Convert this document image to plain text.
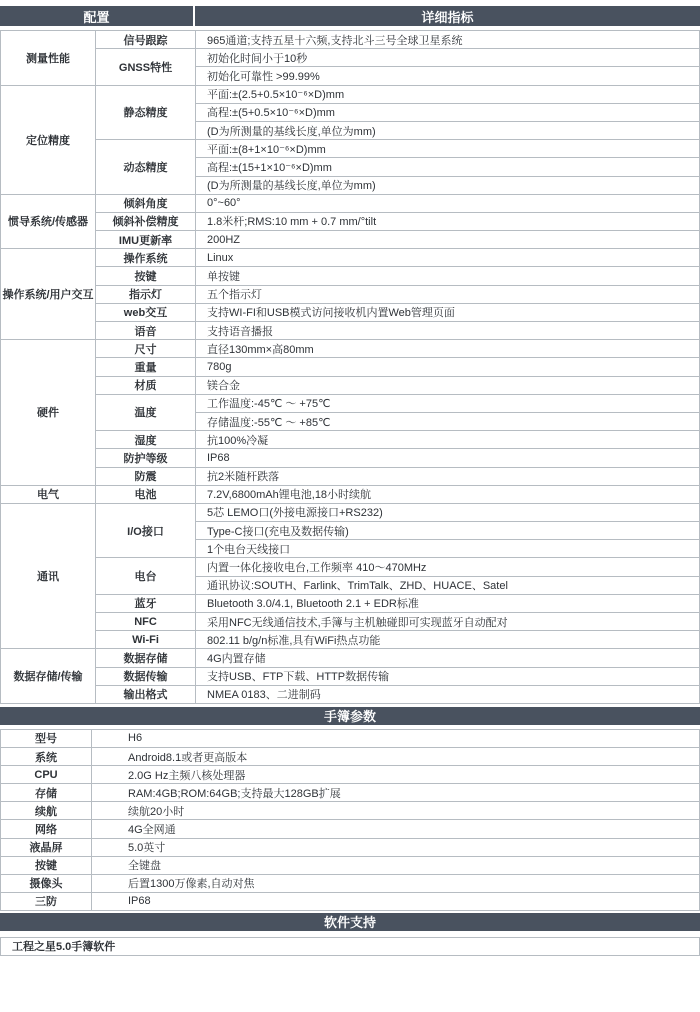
配置	详细指标
测量性能	信号跟踪	965通道;支持五星十六频,支持北斗三号全球卫星系统
	GNSS特性	初始化时间小于10秒
		初始化可靠性 >99.99%
定位精度	静态精度	平面:±(2.5+0.5×10⁻⁶×D)mm
		高程:±(5+0.5×10⁻⁶×D)mm
		(D为所测量的基线长度,单位为mm)
	动态精度	平面:±(8+1×10⁻⁶×D)mm
		高程:±(15+1×10⁻⁶×D)mm
		(D为所测量的基线长度,单位为mm)
惯导系统/传感器	倾斜角度	0°~60°
	倾斜补偿精度	1.8米杆;RMS:10 mm + 0.7 mm/°tilt
	IMU更新率	200HZ
操作系统/用户交互	操作系统	Linux
	按键	单按键
	指示灯	五个指示灯
	web交互	支持WI-FI和USB模式访问接收机内置Web管理页面
	语音	支持语音播报
硬件	尺寸	直径130mm×高80mm
	重量	780g
	材质	镁合金
	温度	工作温度:-45℃ ～ +75℃
		存储温度:-55℃ ～ +85℃
	湿度	抗100%冷凝
	防护等级	IP68
	防震	抗2米随杆跌落
电气	电池	7.2V,6800mAh锂电池,18小时续航
通讯	I/O接口	5芯 LEMO口(外接电源接口+RS232)
		Type-C接口(充电及数据传输)
		1个电台天线接口
	电台	内置一体化接收电台,工作频率 410～470MHz
		通讯协议:SOUTH、Farlink、TrimTalk、ZHD、HUACE、Satel
	蓝牙	Bluetooth 3.0/4.1, Bluetooth 2.1 + EDR标准
	NFC	采用NFC无线通信技术,手簿与主机触碰即可实现蓝牙自动配对
	Wi-Fi	802.11 b/g/n标准,具有WiFi热点功能
数据存储/传输	数据存储	4G内置存储
	数据传输	支持USB、FTP下载、HTTP数据传输
	输出格式	NMEA 0183、二进制码
手簿参数
型号	H6
系统	Android8.1或者更高版本
CPU	2.0G Hz主频八核处理器
存储	RAM:4GB;ROM:64GB;支持最大128GB扩展
续航	续航20小时
网络	4G全网通
液晶屏	5.0英寸
按键	全键盘
摄像头	后置1300万像素,自动对焦
三防	IP68
软件支持
工程之星5.0手簿软件
